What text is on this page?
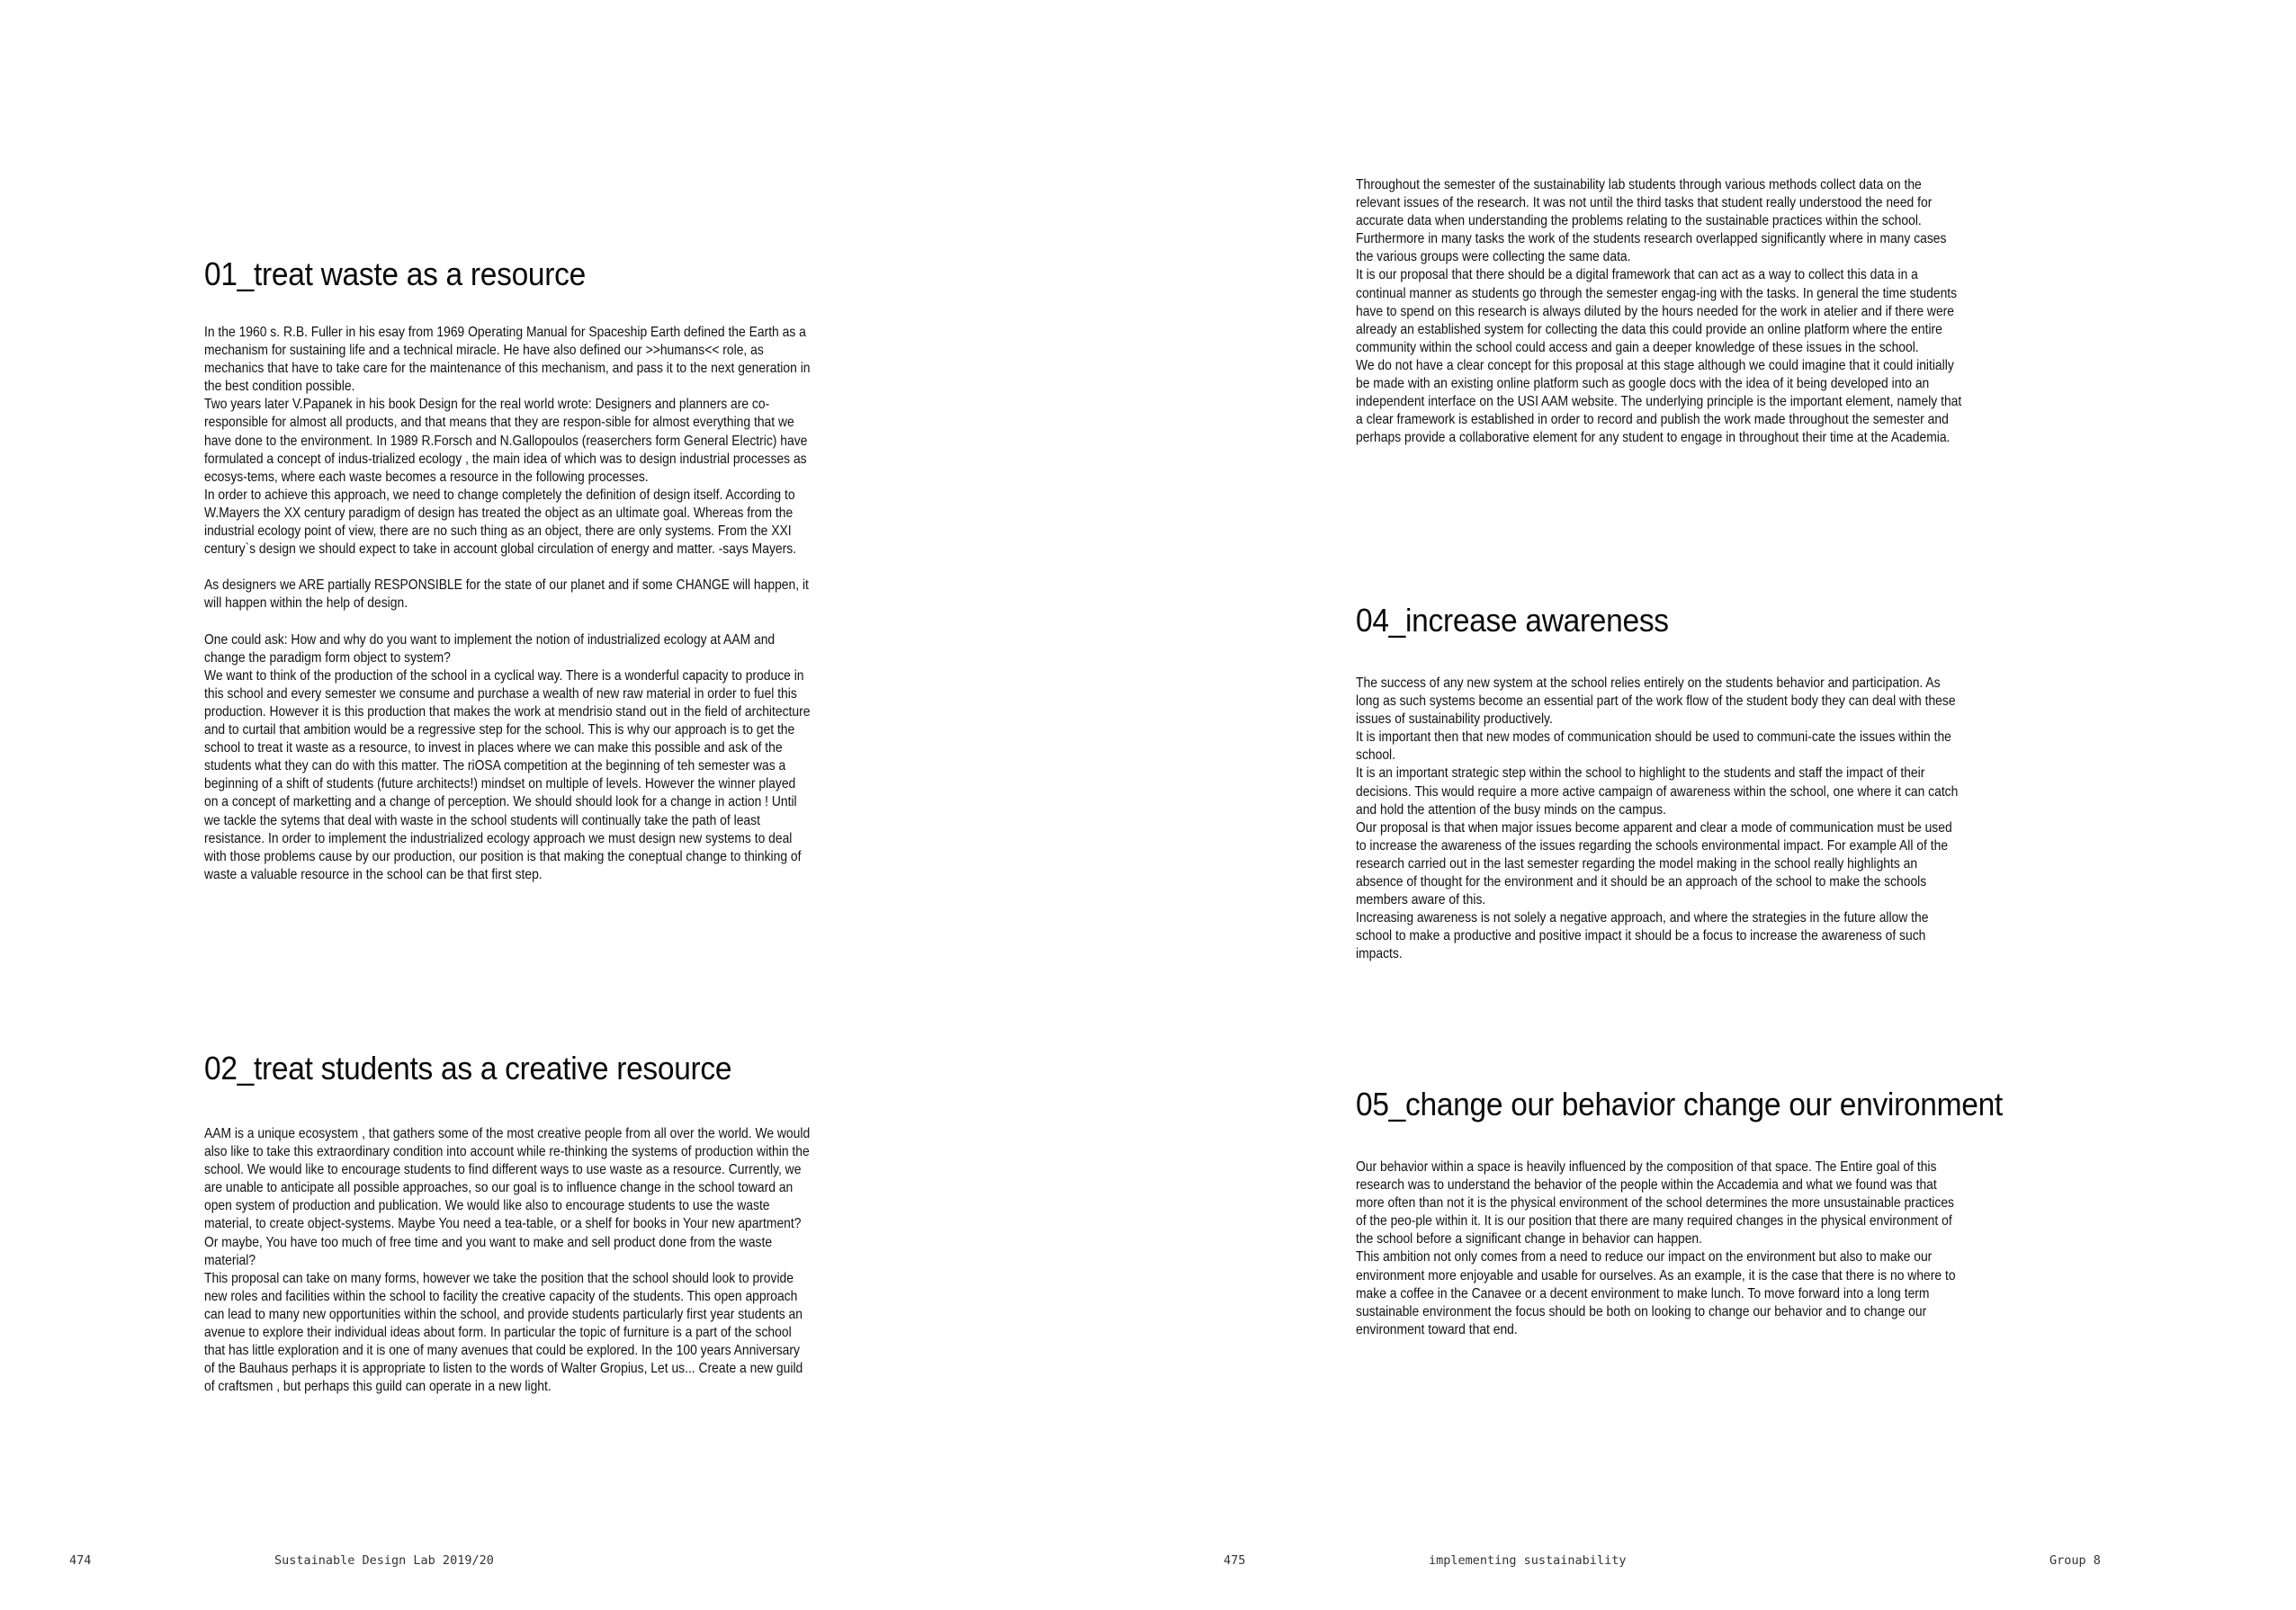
01_treat waste as a resource

In the 1960 s. R.B. Fuller in his esay from 1969 Operating Manual for Spaceship Earth defined the Earth as a mechanism for sustaining life and a technical miracle. He have also defined our >>humans<< role, as mechanics that have to take care for the maintenance of this mechanism, and pass it to the next generation in the best condition possible.

Two years later V.Papanek in his book Design for the real world wrote: Designers and planners are co-responsible for almost all products, and that means that they are respon-sible for almost everything that we have done to the environment. In 1989 R.Forsch and N.Gallopoulos (reaserchers form General Electric) have formulated a concept of indus-trialized ecology , the main idea of which was to design industrial processes as ecosys-tems, where each waste becomes a resource in the following processes.

In order to achieve this approach, we need to change completely the definition of design itself. According to W.Mayers the XX century paradigm of design has treated the object as an ultimate goal. Whereas from the industrial ecology point of view, there are no such thing as an object, there are only systems. From the XXI century`s design we should expect to take in account global circulation of energy and matter. -says Mayers.

As designers we ARE partially RESPONSIBLE for the state of our planet and if some CHANGE will happen, it will happen within the help of design.

One could ask: How and why do you want to implement the notion of industrialized ecology at AAM and change the paradigm form object to system?

We want to think of the production of the school in a cyclical way. There is a wonderful capacity to produce in this school and every semester we consume and purchase a wealth of new raw material in order to fuel this production. However it is this production that makes the work at mendrisio stand out in the field of architecture and to curtail that ambition would be a regressive step for the school. This is why our approach is to get the school to treat it waste as a resource, to invest in places where we can make this possible and ask of the students what they can do with this matter. The riOSA competition at the beginning of teh semester was a beginning of a shift of students (future architects!) mindset on multiple of levels. However the winner played on a concept of marketting and a change of perception. We should should look for a change in action ! Until we tackle the sytems that deal with waste in the school students will continually take the path of least resistance. In order to implement the industrialized ecology approach we must design new systems to deal with those problems cause by our production, our position is that making the coneptual change to thinking of waste a valuable resource in the school can be that first step.

02_treat students as a creative resource

AAM is a unique ecosystem , that gathers some of the most creative people from all over the world. We would also like to take this extraordinary condition into account while re-thinking the systems of production within the school. We would like to encourage students to find different ways to use waste as a resource. Currently, we are unable to anticipate all possible approaches, so our goal is to influence change in the school toward an open system of production and publication. We would like also to encourage students to use the waste material, to create object-systems. Maybe You need a tea-table, or a shelf for books in Your new apartment? Or maybe, You have too much of free time and you want to make and sell product done from the waste material?

This proposal can take on many forms, however we take the position that the school should look to provide new roles and facilities within the school to facility the creative capacity of the students. This open approach can lead to many new opportunities within the school, and provide students particularly first year students an avenue to explore their individual ideas about form. In particular the topic of furniture is a part of the school that has little exploration and it is one of many avenues that could be explored. In the 100 years Anniversary of the Bauhaus perhaps it is appropriate to listen to the words of Walter Gropius, Let us... Create a new guild of craftsmen , but perhaps this guild can operate in a new light.

474	Sustainable Design Lab 2019/20

Throughout the semester of the sustainability lab students through various methods collect data on the relevant issues of the research. It was not until the third tasks that student really understood the need for accurate data when understanding the problems relating to the sustainable practices within the school. Furthermore in many tasks the work of the students research overlapped significantly where in many cases the various groups were collecting the same data.

It is our proposal that there should be a digital framework that can act as a way to collect this data in a continual manner as students go through the semester engag-ing with the tasks. In general the time students have to spend on this research is always diluted by the hours needed for the work in atelier and if there were already an established system for collecting the data this could provide an online platform where the entire community within the school could access and gain a deeper knowledge of these issues in the school.

We do not have a clear concept for this proposal at this stage although we could imagine that it could initially be made with an existing online platform such as google docs with the idea of it being developed into an independent interface on the USI AAM website. The underlying principle is the important element, namely that a clear framework is established in order to record and publish the work made throughout the semester and perhaps provide a collaborative element for any student to engage in throughout their time at the Academia.

04_increase awareness

The success of any new system at the school relies entirely on the students behavior and participation. As long as such systems become an essential part of the work flow of the student body they can deal with these issues of sustainability productively.

It is important then that new modes of communication should be used to communi-cate the issues within the school.

It is an important strategic step within the school to highlight to the students and staff the impact of their decisions. This would require a more active campaign of awareness within the school, one where it can catch and hold the attention of the busy minds on the campus.

Our proposal is that when major issues become apparent and clear a mode of communication must be used to increase the awareness of the issues regarding the schools environmental impact. For example All of the research carried out in the last semester regarding the model making in the school really highlights an absence of thought for the environment and it should be an approach of the school to make the schools members aware of this.

Increasing awareness is not solely a negative approach, and where the strategies in the future allow the school to make a productive and positive impact it should be a focus to increase the awareness of such impacts.

05_change our behavior change our environment

Our behavior within a space is heavily influenced by the composition of that space. The Entire goal of this research was to understand the behavior of the people within the Accademia and what we found was that more often than not it is the physical environment of the school determines the more unsustainable practices of the peo-ple within it. It is our position that there are many required changes in the physical environment of the school before a significant change in behavior can happen.

This ambition not only comes from a need to reduce our impact on the environment but also to make our environment more enjoyable and usable for ourselves. As an example, it is the case that there is no where to make a coffee in the Canavee or a decent environment to make lunch. To move forward into a long term sustainable environment the focus should be both on looking to change our behavior and to change our environment toward that end.

475	implementing sustainability	Group 8
